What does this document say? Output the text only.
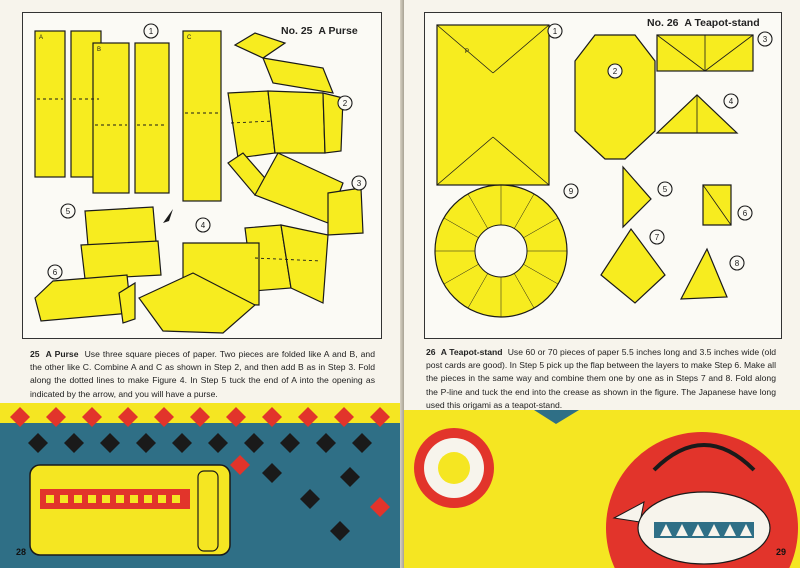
1
2
3
4
5
6
A
B
C
No. 25 A Purse
25 A Purse Use three square pieces of paper. Two pieces are folded like A and B, and the other like C. Combine A and C as shown in Step 2, and then add B as in Step 3. Fold along the dotted lines to make Figure 4. In Step 5 tuck the end of A into the opening as indicated by the arrow, and you will have a purse.
28
1
2
3
4
5
6
7
8
9
P
No. 26 A Teapot-stand
26 A Teapot-stand Use 60 or 70 pieces of paper 5.5 inches long and 3.5 inches wide (old post cards are good). In Step 5 pick up the flap between the layers to make Step 6. Make all the pieces in the same way and combine them one by one as in Steps 7 and 8. Fold along the P-line and tuck the end into the crease as shown in the figure. The Japanese have long used this origami as a teapot-stand.
29
